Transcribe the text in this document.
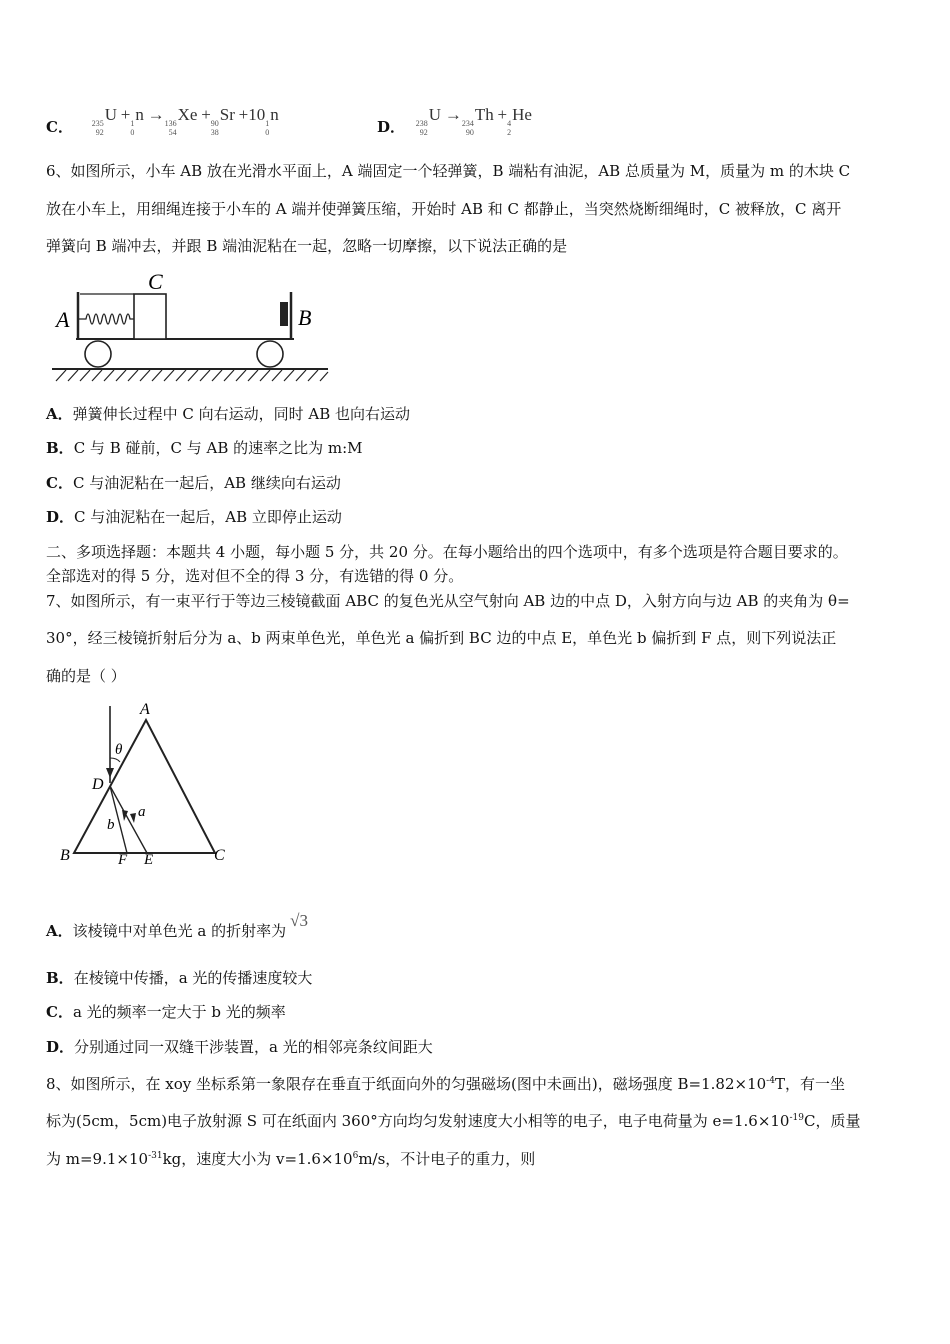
C． 235
92
U + 1
0
n → 136
54
Xe + 90
38
Sr +10 1
0
n
D． 238
92
U → 234
90
Th + 4
2
He
6、如图所示，小车 AB 放在光滑水平面上，A 端固定一个轻弹簧，B 端粘有油泥，AB 总质量为 M，质量为 m 的木块 C
放在小车上，用细绳连接于小车的 A 端并使弹簧压缩，开始时 AB 和 C 都静止，当突然烧断细绳时，C 被释放，C 离开
弹簧向 B 端冲去，并跟 B 端油泥粘在一起，忽略一切摩擦，以下说法正确的是
A	B
C
A．弹簧伸长过程中 C 向右运动，同时 AB 也向右运动
B．C 与 B 碰前，C 与 AB 的速率之比为 m:M
C．C 与油泥粘在一起后，AB 继续向右运动
D．C 与油泥粘在一起后，AB 立即停止运动
二、多项选择题：本题共 4 小题，每小题 5 分，共 20 分。在每小题给出的四个选项中，有多个选项是符合题目要求的。
全部选对的得 5 分，选对但不全的得 3 分，有选错的得 0 分。
7、如图所示，有一束平行于等边三棱镜截面 ABC 的复色光从空气射向 AB 边的中点 D，入射方向与边 AB 的夹角为 θ=
30°，经三棱镜折射后分为 a、b 两束单色光，单色光 a 偏折到 BC 边的中点 E，单色光 b 偏折到 F 点，则下列说法正
确的是（ ）
A
B	C
D
E
F
θ
a
b
A．该棱镜中对单色光 a 的折射率为√3
B．在棱镜中传播，a 光的传播速度较大
C．a 光的频率一定大于 b 光的频率
D．分别通过同一双缝干涉装置，a 光的相邻亮条纹间距大
8、如图所示，在 xoy 坐标系第一象限存在垂直于纸面向外的匀强磁场(图中未画出)，磁场强度 $B=1.82\times 10^{-4}T$，有一坐
标为(5cm，5cm)电子放射源 S 可在纸面内 360°方向均匀发射速度大小相等的电子，电子电荷量为 $e=1.6\times 10^{-19}C$，质量
为 $m=9.1\times 10^{-31}kg$，速度大小为 $v=1.6\times 10^6m/s$，不计电子的重力，则
